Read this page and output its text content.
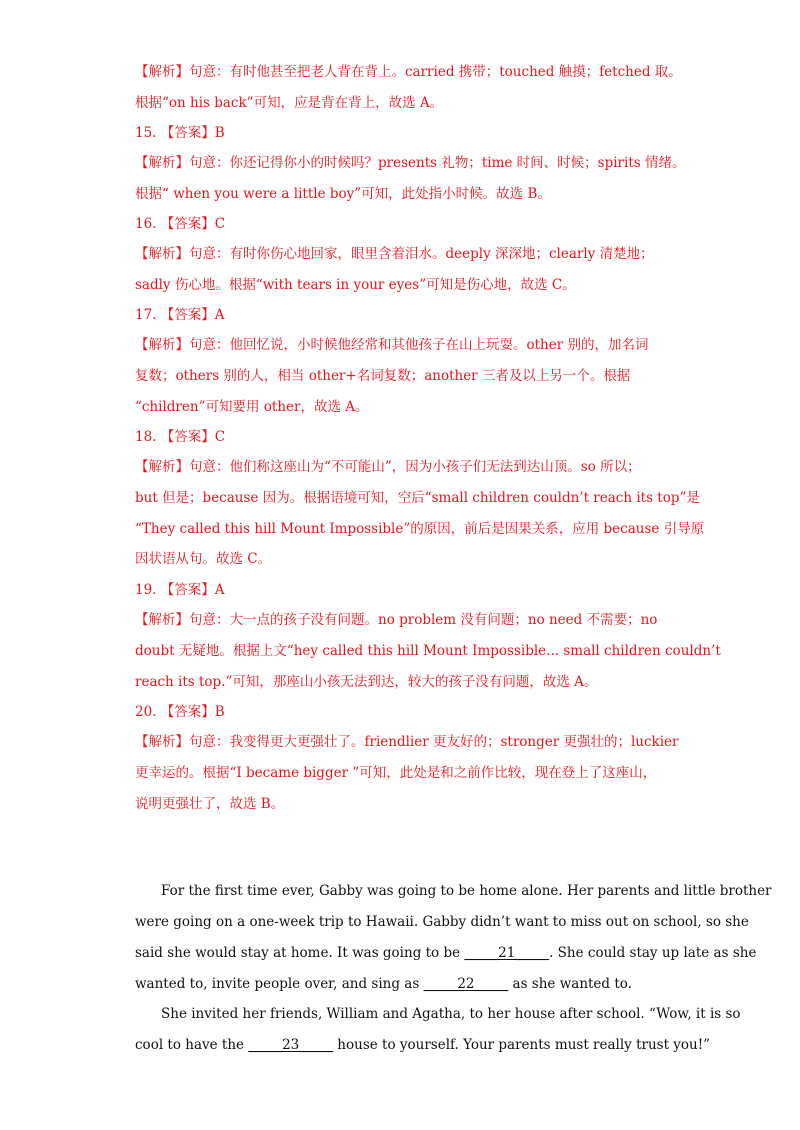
【解析】句意：有时他甚至把老人背在背上。carried 携带；touched 触摸；fetched 取。
根据“on his back”可知，应是背在背上，故选 A。
15. 【答案】B
【解析】句意：你还记得你小的时候吗？presents 礼物；time 时间、时候；spirits 情绪。
根据“ when you were a little boy”可知，此处指小时候。故选 B。
16. 【答案】C
【解析】句意：有时你伤心地回家，眼里含着泪水。deeply 深深地；clearly 清楚地；
sadly 伤心地。根据“with tears in your eyes”可知是伤心地，故选 C。
17. 【答案】A
【解析】句意：他回忆说，小时候他经常和其他孩子在山上玩耍。other 别的，加名词
复数；others 别的人，相当 other+名词复数；another 三者及以上另一个。根据
“children”可知要用 other，故选 A。
18. 【答案】C
【解析】句意：他们称这座山为“不可能山”，因为小孩子们无法到达山顶。so 所以；
but 但是；because 因为。根据语境可知，空后“small children couldn’t reach its top”是
“They called this hill Mount Impossible”的原因，前后是因果关系，应用 because 引导原
因状语从句。故选 C。
19. 【答案】A
【解析】句意：大一点的孩子没有问题。no problem 没有问题；no need 不需要；no
doubt 无疑地。根据上文“hey called this hill Mount Impossible... small children couldn’t
reach its top.”可知，那座山小孩无法到达，较大的孩子没有问题，故选 A。
20. 【答案】B
【解析】句意：我变得更大更强壮了。friendlier 更友好的；stronger 更强壮的；luckier
更幸运的。根据“I became bigger ”可知，此处是和之前作比较，现在登上了这座山，
说明更强壮了，故选 B。
For the first time ever, Gabby was going to be home alone. Her parents and little brother
were going on a one-week trip to Hawaii. Gabby didn’t want to miss out on school, so she
said she would stay at home. It was going to be _____21_____. She could stay up late as she
wanted to, invite people over, and sing as _____22_____ as she wanted to.
She invited her friends, William and Agatha, to her house after school. “Wow, it is so
cool to have the _____23_____ house to yourself. Your parents must really trust you!”
